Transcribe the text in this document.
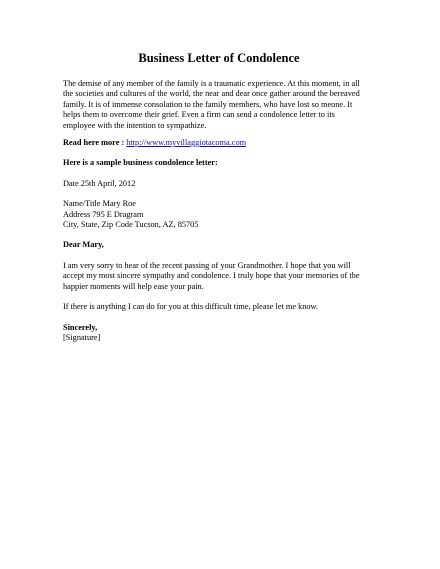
Business Letter of Condolence

The demise of any member of the family is a traumatic experience. At this moment, in all

the societies and cultures of the world, the near and dear once gather around the bereaved

family. It is of immense consolation to the family members, who have lost so meone. It

helps them to overcome their grief. Even a firm can send a condolence letter to its

employee with the intention to sympathize.

Read here more : http://www.myvillaggiotacoma.com

Here is a sample business condolence letter:

Date 25th April, 2012

Name/Title Mary Roe

Address 795 E Dragram

City, State, Zip Code Tucson, AZ, 85705

Dear Mary,

I am very sorry to hear of the recent passing of your Grandmother. I hope that you will

accept my most sincere sympathy and condolence. I truly hope that your memories of the

happier moments will help ease your pain.

If there is anything I can do for you at this difficult time, please let me know.

Sincerely,

[Signature]
